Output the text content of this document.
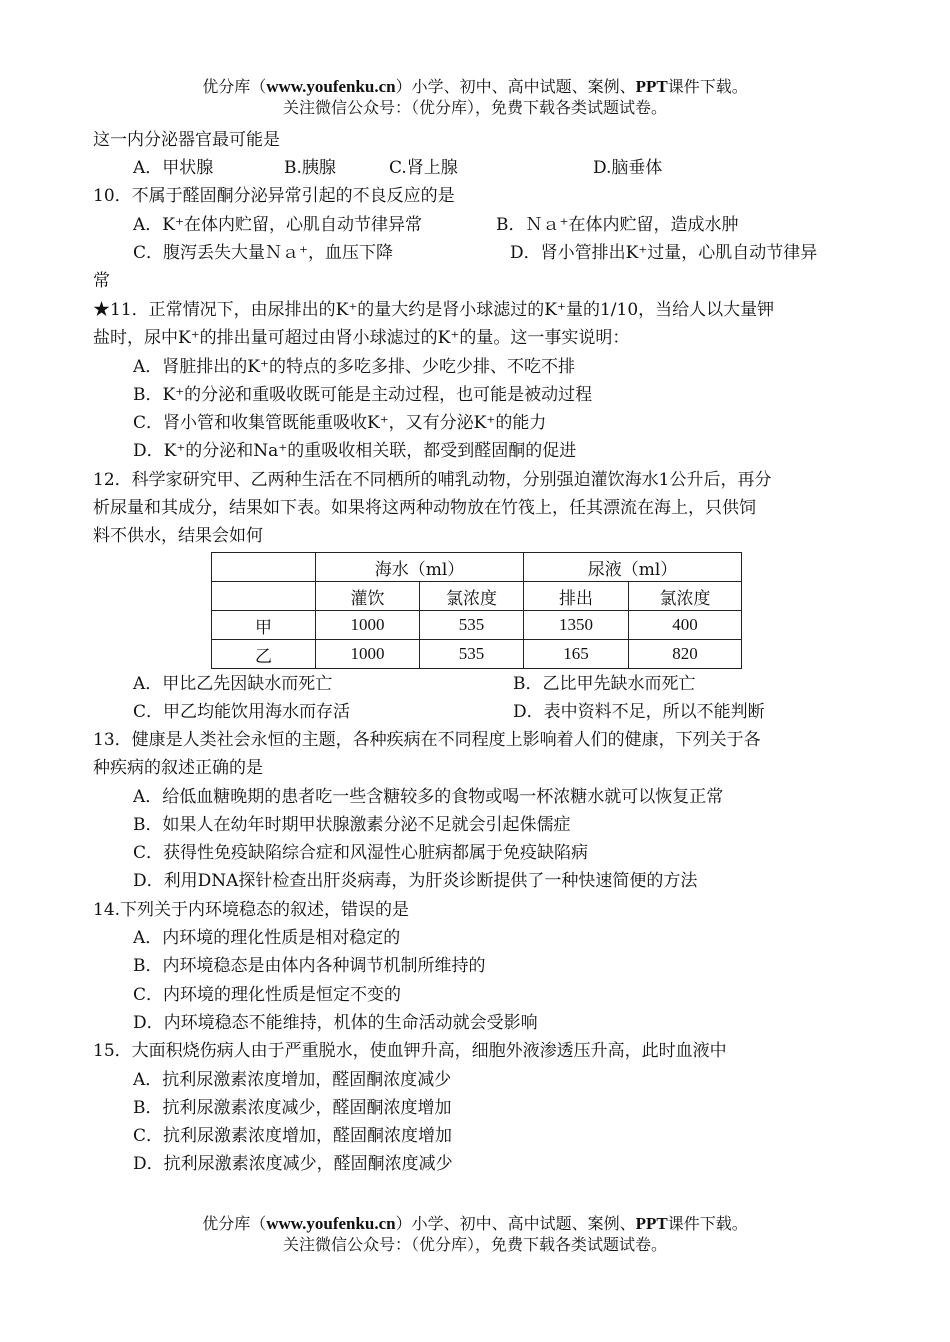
优分库（www.youfenku.cn）小学、初中、高中试题、案例、PPT课件下载。
关注微信公众号：（优分库），免费下载各类试题试卷。
这一内分泌器官最可能是
A．甲状腺	B.胰腺	C.肾上腺	D.脑垂体
10．不属于醛固酮分泌异常引起的不良反应的是
A．K⁺在体内贮留，心肌自动节律异常	B．Ｎａ⁺在体内贮留，造成水肿
C．腹泻丢失大量Ｎａ⁺，血压下降	D．肾小管排出K⁺过量，心肌自动节律异
常
★11．正常情况下，由尿排出的K⁺的量大约是肾小球滤过的K⁺量的1/10，当给人以大量钾
盐时，尿中K⁺的排出量可超过由肾小球滤过的K⁺的量。这一事实说明：
A．肾脏排出的K⁺的特点的多吃多排、少吃少排、不吃不排
B．K⁺的分泌和重吸收既可能是主动过程，也可能是被动过程
C．肾小管和收集管既能重吸收K⁺，又有分泌K⁺的能力
D．K⁺的分泌和Na⁺的重吸收相关联，都受到醛固酮的促进
12．科学家研究甲、乙两种生活在不同栖所的哺乳动物，分别强迫灌饮海水1公升后，再分
析尿量和其成分，结果如下表。如果将这两种动物放在竹筏上，任其漂流在海上，只供饲
料不供水，结果会如何
	海水（ml）		尿液（ml）	
	灌饮	氯浓度	排出	氯浓度
甲	1000	535	1350	400
乙	1000	535	165	820
A．甲比乙先因缺水而死亡	B．乙比甲先缺水而死亡
C．甲乙均能饮用海水而存活	D．表中资料不足，所以不能判断
13．健康是人类社会永恒的主题，各种疾病在不同程度上影响着人们的健康，下列关于各
种疾病的叙述正确的是
A．给低血糖晚期的患者吃一些含糖较多的食物或喝一杯浓糖水就可以恢复正常
B．如果人在幼年时期甲状腺激素分泌不足就会引起侏儒症
C．获得性免疫缺陷综合症和风湿性心脏病都属于免疫缺陷病
D．利用DNA探针检查出肝炎病毒，为肝炎诊断提供了一种快速简便的方法
14.下列关于内环境稳态的叙述，错误的是
A．内环境的理化性质是相对稳定的
B．内环境稳态是由体内各种调节机制所维持的
C．内环境的理化性质是恒定不变的
D．内环境稳态不能维持，机体的生命活动就会受影响
15．大面积烧伤病人由于严重脱水，使血钾升高，细胞外液渗透压升高，此时血液中
A．抗利尿激素浓度增加，醛固酮浓度减少
B．抗利尿激素浓度减少，醛固酮浓度增加
C．抗利尿激素浓度增加，醛固酮浓度增加
D．抗利尿激素浓度减少，醛固酮浓度减少
优分库（www.youfenku.cn）小学、初中、高中试题、案例、PPT课件下载。
关注微信公众号：（优分库），免费下载各类试题试卷。
